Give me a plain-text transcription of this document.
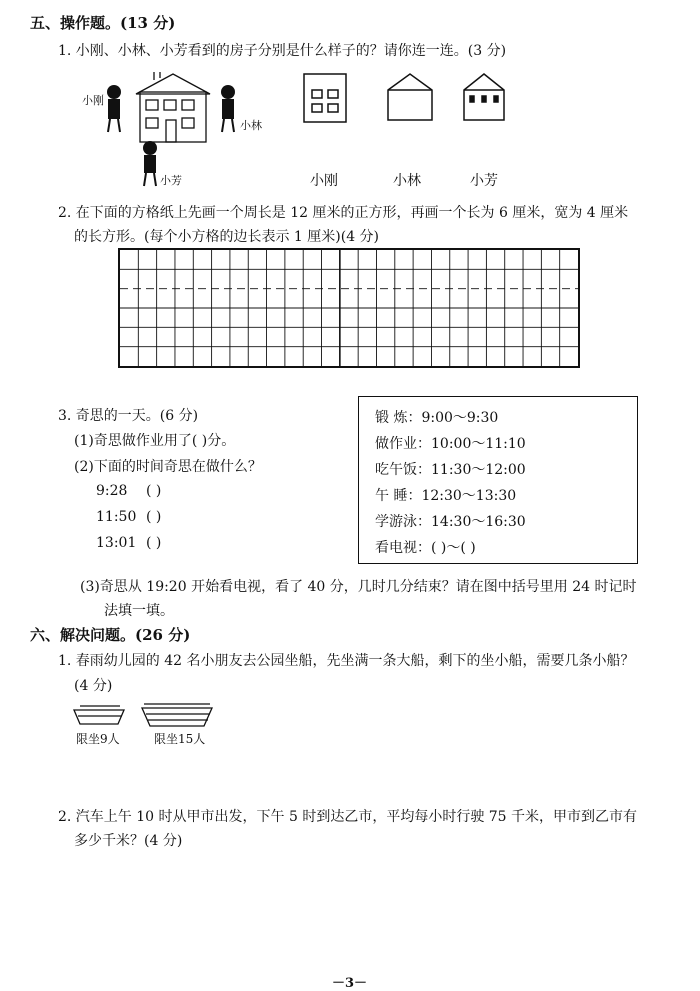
五、操作题。(13 分)
1. 小刚、小林、小芳看到的房子分别是什么样子的？请你连一连。(3 分)
小刚
小林
小芳	小刚	小林	小芳
2. 在下面的方格纸上先画一个周长是 12 厘米的正方形，再画一个长为 6 厘米，宽为 4 厘米
的长方形。(每个小方格的边长表示 1 厘米)(4 分)
3. 奇思的一天。(6 分)
(1)奇思做作业用了( )分。
(2)下面的时间奇思在做什么？
9:28 ( )
11:50 ( )
13:01 ( )
锻 炼：9:00～9:30
做作业：10:00～11:10
吃午饭：11:30～12:00
午 睡：12:30～13:30
学游泳：14:30～16:30
看电视：( )～( )
(3)奇思从 19:20 开始看电视，看了 40 分，几时几分结束？请在图中括号里用 24 时记时
法填一填。
六、解决问题。(26 分)
1. 春雨幼儿园的 42 名小朋友去公园坐船，先坐满一条大船，剩下的坐小船，需要几条小船？
(4 分)
限坐9人	限坐15人
2. 汽车上午 10 时从甲市出发，下午 5 时到达乙市，平均每小时行驶 75 千米，甲市到乙市有
多少千米？(4 分)
－3－
